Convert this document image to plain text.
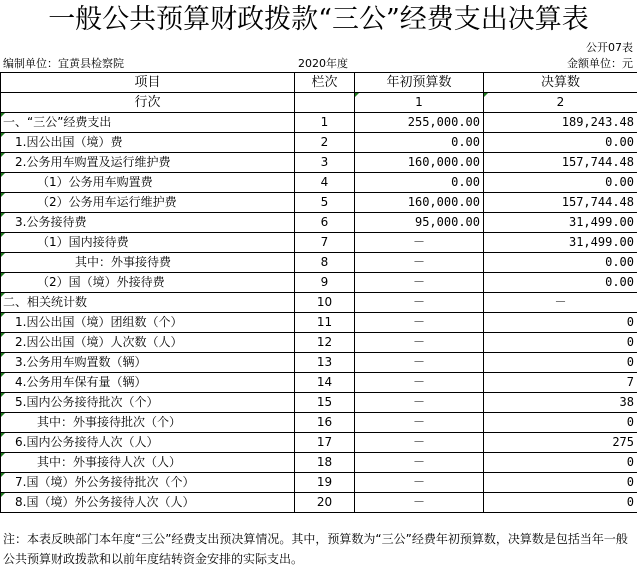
一般公共预算财政拨款“三公”经费支出决算表
公开07表
编制单位：宜黄县检察院	2020年度	金额单位：元
项目	栏次	年初预算数	决算数
行次		1	2
一、“三公”经费支出	1	255,000.00	189,243.48
1.因公出国（境）费	2	0.00	0.00
2.公务用车购置及运行维护费	3	160,000.00	157,744.48
（1）公务用车购置费	4	0.00	0.00
（2）公务用车运行维护费	5	160,000.00	157,744.48
3.公务接待费	6	95,000.00	31,499.00
（1）国内接待费	7	－	31,499.00
其中：外事接待费	8	－	0.00
（2）国（境）外接待费	9	－	0.00
二、相关统计数	10	－	－
1.因公出国（境）团组数（个）	11	－	0
2.因公出国（境）人次数（人）	12	－	0
3.公务用车购置数（辆）	13	－	0
4.公务用车保有量（辆）	14	－	7
5.国内公务接待批次（个）	15	－	38
其中：外事接待批次（个）	16	－	0
6.国内公务接待人次（人）	17	－	275
其中：外事接待人次（人）	18	－	0
7.国（境）外公务接待批次（个）	19	－	0
8.国（境）外公务接待人次（人）	20	－	0
注：本表反映部门本年度“三公”经费支出预决算情况。其中，预算数为“三公”经费年初预算数，决算数是包括当年一般公共预算财政拨款和以前年度结转资金安排的实际支出。
